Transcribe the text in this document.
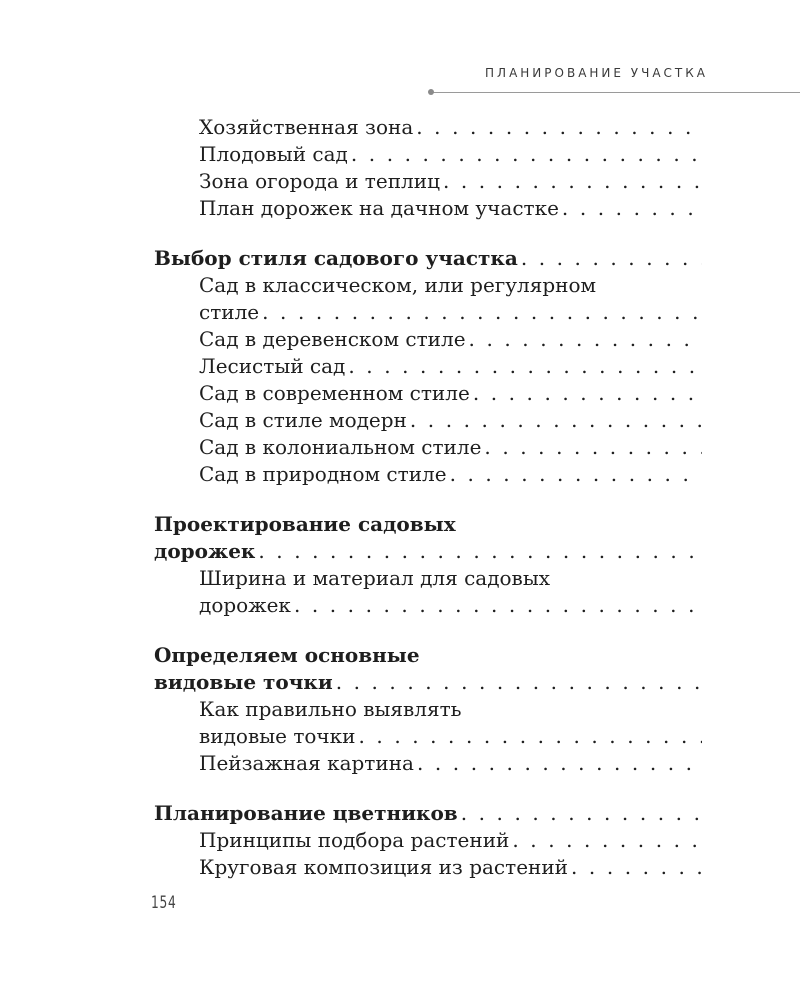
ПЛАНИРОВАНИЕ УЧАСТКА
Хозяйственная зона
. . .
Плодовый сад
. . .
Зона огорода и теплиц
. . .
План дорожек на дачном участке
. . .
Выбор стиля садового участка
. . .
Сад в классическом, или регулярном
стиле
. . .
Сад в деревенском стиле
. . .
Лесистый сад
. . .
Сад в современном стиле
. . .
Сад в стиле модерн
. . .
Сад в колониальном стиле
. . .
Сад в природном стиле
. . .
Проектирование садовых
дорожек
. . .
Ширина и материал для садовых
дорожек
. . .
Определяем основные
видовые точки
. . .
Как правильно выявлять
видовые точки
. . .
Пейзажная картина
. . .
Планирование цветников
. . .
Принципы подбора растений
. . .
Круговая композиция из растений
. . .
154
